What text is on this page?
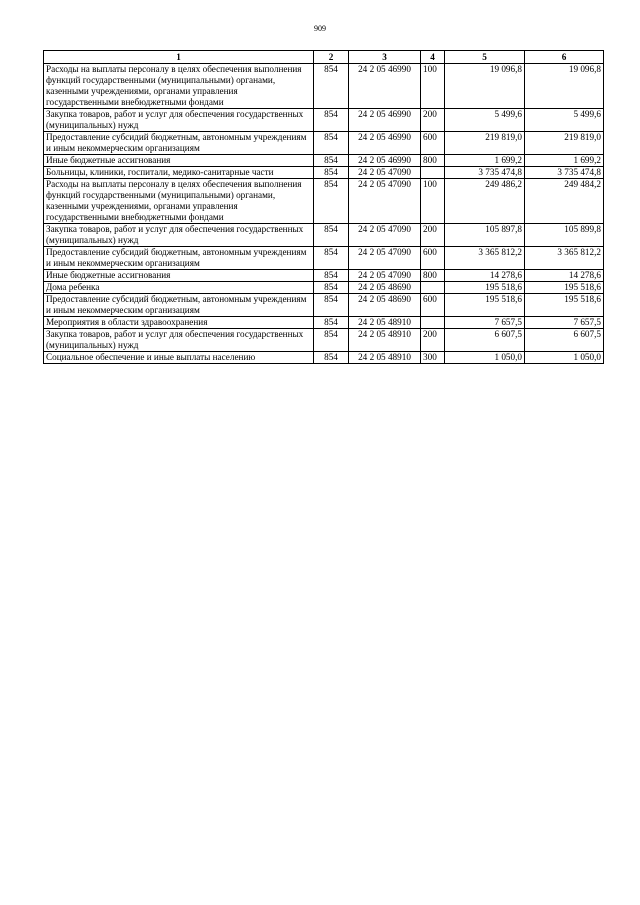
909
1	2	3	4	5	6
Расходы на выплаты персоналу в целях обеспечения выполнения функций государственными (муниципальными) органами, казенными учреждениями, органами управления государственными внебюджетными фондами	854	24 2 05 46990	100	19 096,8	19 096,8
Закупка товаров, работ и услуг для обеспечения государственных (муниципальных) нужд	854	24 2 05 46990	200	5 499,6	5 499,6
Предоставление субсидий бюджетным, автономным учреждениям и иным некоммерческим организациям	854	24 2 05 46990	600	219 819,0	219 819,0
Иные бюджетные ассигнования	854	24 2 05 46990	800	1 699,2	1 699,2
Больницы, клиники, госпитали, медико-санитарные части	854	24 2 05 47090		3 735 474,8	3 735 474,8
Расходы на выплаты персоналу в целях обеспечения выполнения функций государственными (муниципальными) органами, казенными учреждениями, органами управления государственными внебюджетными фондами	854	24 2 05 47090	100	249 486,2	249 484,2
Закупка товаров, работ и услуг для обеспечения государственных (муниципальных) нужд	854	24 2 05 47090	200	105 897,8	105 899,8
Предоставление субсидий бюджетным, автономным учреждениям и иным некоммерческим организациям	854	24 2 05 47090	600	3 365 812,2	3 365 812,2
Иные бюджетные ассигнования	854	24 2 05 47090	800	14 278,6	14 278,6
Дома ребенка	854	24 2 05 48690		195 518,6	195 518,6
Предоставление субсидий бюджетным, автономным учреждениям и иным некоммерческим организациям	854	24 2 05 48690	600	195 518,6	195 518,6
Мероприятия в области здравоохранения	854	24 2 05 48910		7 657,5	7 657,5
Закупка товаров, работ и услуг для обеспечения государственных (муниципальных) нужд	854	24 2 05 48910	200	6 607,5	6 607,5
Социальное обеспечение и иные выплаты населению	854	24 2 05 48910	300	1 050,0	1 050,0
